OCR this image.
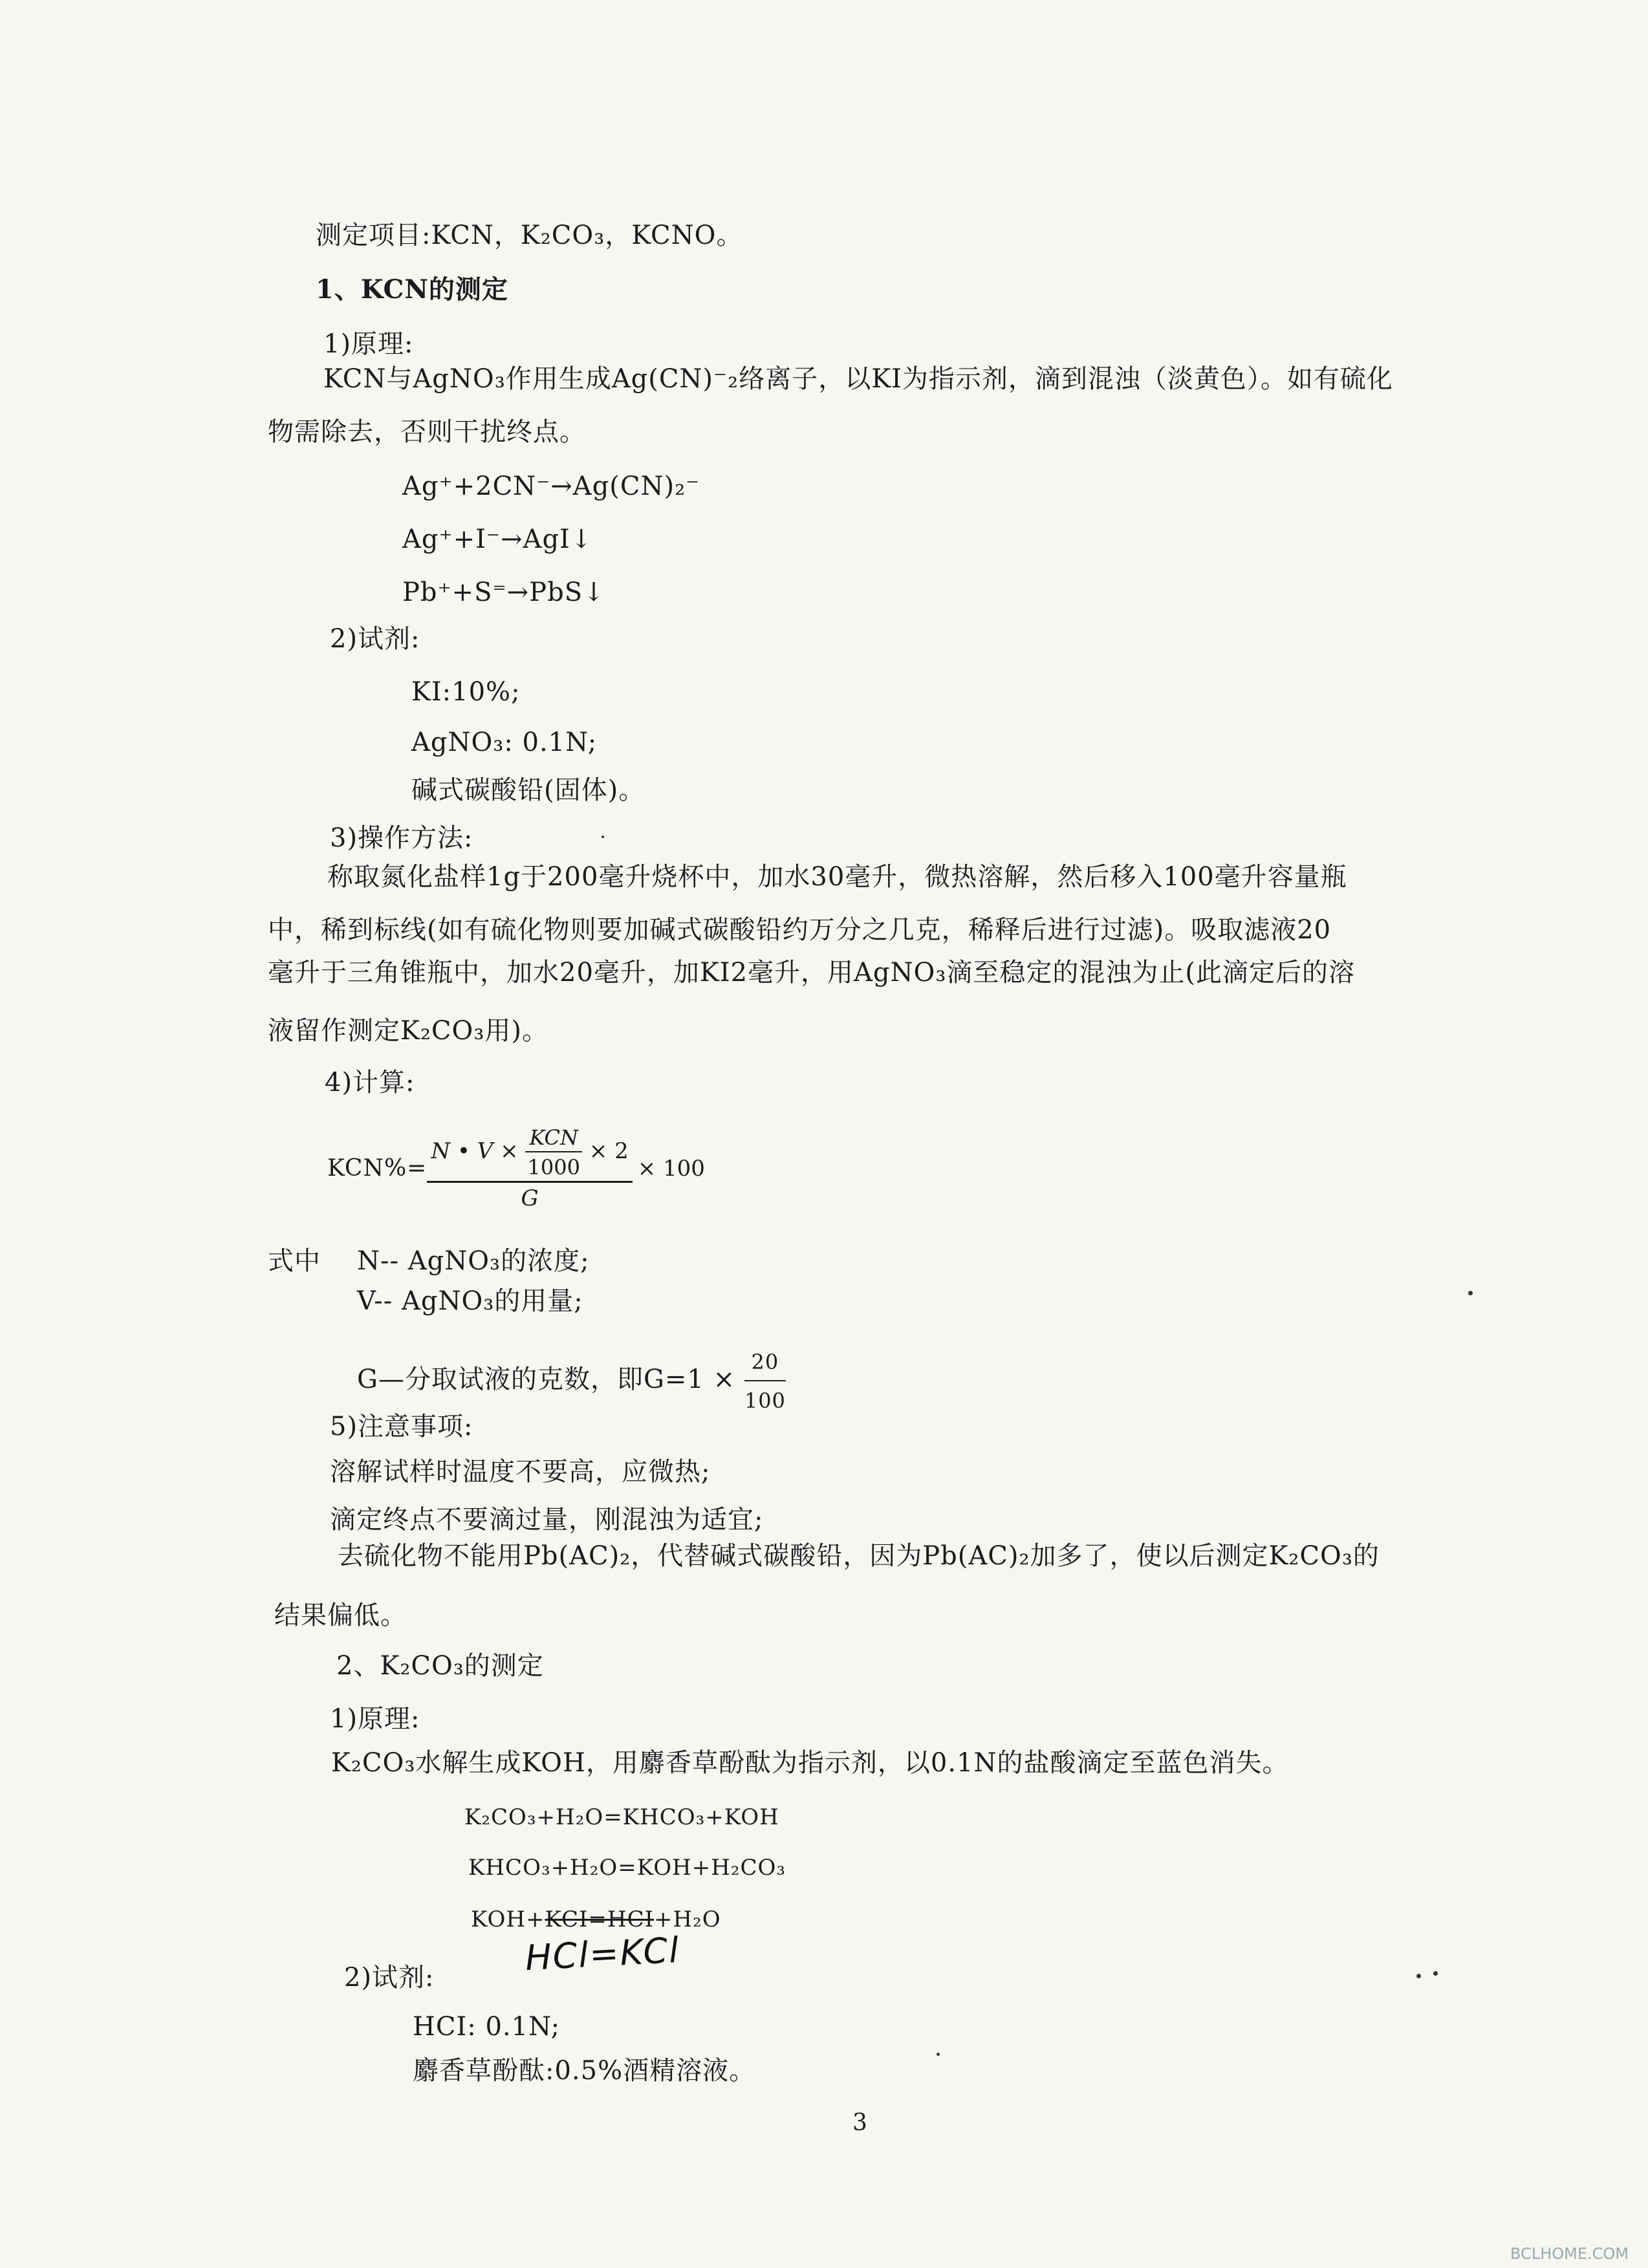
测定项目:KCN，K₂CO₃，KCNO。
1、KCN的测定
1)原理:
KCN与AgNO₃作用生成Ag(CN)⁻₂络离子，以KI为指示剂，滴到混浊（淡黄色）。如有硫化
物需除去，否则干扰终点。
Ag⁺+2CN⁻→Ag(CN)₂⁻
Ag⁺+I⁻→AgI↓
Pb⁺+S⁼→PbS↓
2)试剂:
KI:10%;
AgNO₃: 0.1N;
碱式碳酸铅(固体)。
3)操作方法:
称取氮化盐样1g于200毫升烧杯中，加水30毫升，微热溶解，然后移入100毫升容量瓶
中，稀到标线(如有硫化物则要加碱式碳酸铅约万分之几克，稀释后进行过滤)。吸取滤液20
毫升于三角锥瓶中，加水20毫升，加KI2毫升，用AgNO₃滴至稳定的混浊为止(此滴定后的溶
液留作测定K₂CO₃用)。
4)计算:
KCN%=
N • $V \times \frac{\text{KCN}}{1000} \times 2$
G
× 100
式中 N-- AgNO₃的浓度;
V-- AgNO₃的用量;
G—分取试液的克数，即$G=1 \times \frac{20}{100}$
5)注意事项:
溶解试样时温度不要高，应微热;
滴定终点不要滴过量，刚混浊为适宜;
去硫化物不能用Pb(AC)₂，代替碱式碳酸铅，因为Pb(AC)₂加多了，使以后测定K₂CO₃的
结果偏低。
2、K₂CO₃的测定
1)原理:
K₂CO₃水解生成KOH，用麝香草酚酞为指示剂，以0.1N的盐酸滴定至蓝色消失。
K₂CO₃+H₂O=KHCO₃+KOH
KHCO₃+H₂O=KOH+H₂CO₃
KOH+KCI=HCI+H₂O
HCl=KCl
2)试剂:
HCI: 0.1N;
麝香草酚酞:0.5%酒精溶液。
3
BCLHOME.COM
